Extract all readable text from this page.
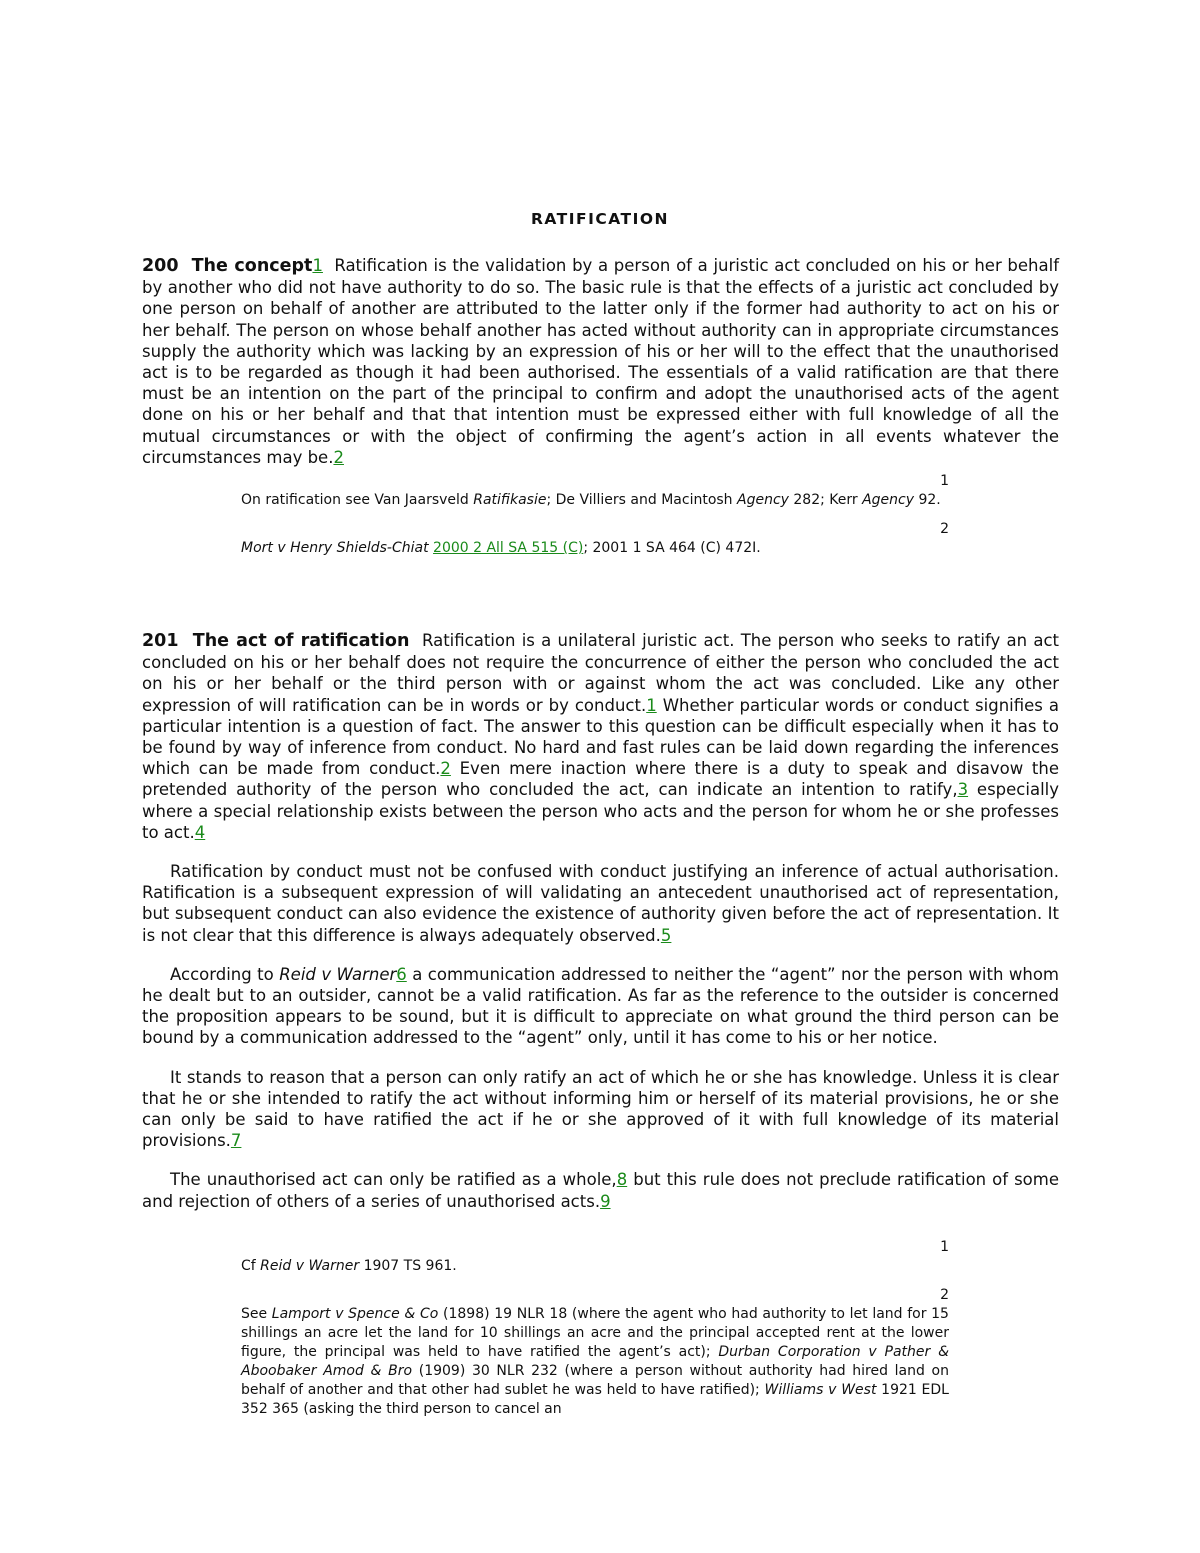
RATIFICATION

200 The concept1 Ratification is the validation by a person of a juristic act concluded on his or her behalf by another who did not have authority to do so. The basic rule is that the effects of a juristic act concluded by one person on behalf of another are attributed to the latter only if the former had authority to act on his or her behalf. The person on whose behalf another has acted without authority can in appropriate circumstances supply the authority which was lacking by an expression of his or her will to the effect that the unauthorised act is to be regarded as though it had been authorised. The essentials of a valid ratification are that there must be an intention on the part of the principal to confirm and adopt the unauthorised acts of the agent done on his or her behalf and that that intention must be expressed either with full knowledge of all the mutual circumstances or with the object of confirming the agent’s action in all events whatever the circumstances may be.2

1

On ratification see Van Jaarsveld Ratifikasie; De Villiers and Macintosh Agency 282; Kerr Agency 92.

2

Mort v Henry Shields-Chiat 2000 2 All SA 515 (C); 2001 1 SA 464 (C) 472I.

201 The act of ratification Ratification is a unilateral juristic act. The person who seeks to ratify an act concluded on his or her behalf does not require the concurrence of either the person who concluded the act on his or her behalf or the third person with or against whom the act was concluded. Like any other expression of will ratification can be in words or by conduct.1 Whether particular words or conduct signifies a particular intention is a question of fact. The answer to this question can be difficult especially when it has to be found by way of inference from conduct. No hard and fast rules can be laid down regarding the inferences which can be made from conduct.2 Even mere inaction where there is a duty to speak and disavow the pretended authority of the person who concluded the act, can indicate an intention to ratify,3 especially where a special relationship exists between the person who acts and the person for whom he or she professes to act.4

Ratification by conduct must not be confused with conduct justifying an inference of actual authorisation. Ratification is a subsequent expression of will validating an antecedent unauthorised act of representation, but subsequent conduct can also evidence the existence of authority given before the act of representation. It is not clear that this difference is always adequately observed.5

According to Reid v Warner6 a communication addressed to neither the “agent” nor the person with whom he dealt but to an outsider, cannot be a valid ratification. As far as the reference to the outsider is concerned the proposition appears to be sound, but it is difficult to appreciate on what ground the third person can be bound by a communication addressed to the “agent” only, until it has come to his or her notice.

It stands to reason that a person can only ratify an act of which he or she has knowledge. Unless it is clear that he or she intended to ratify the act without informing him or herself of its material provisions, he or she can only be said to have ratified the act if he or she approved of it with full knowledge of its material provisions.7

The unauthorised act can only be ratified as a whole,8 but this rule does not preclude ratification of some and rejection of others of a series of unauthorised acts.9

1

Cf Reid v Warner 1907 TS 961.

2

See Lamport v Spence & Co (1898) 19 NLR 18 (where the agent who had authority to let land for 15 shillings an acre let the land for 10 shillings an acre and the principal accepted rent at the lower figure, the principal was held to have ratified the agent’s act); Durban Corporation v Pather & Aboobaker Amod & Bro (1909) 30 NLR 232 (where a person without authority had hired land on behalf of another and that other had sublet he was held to have ratified); Williams v West 1921 EDL 352 365 (asking the third person to cancel an
